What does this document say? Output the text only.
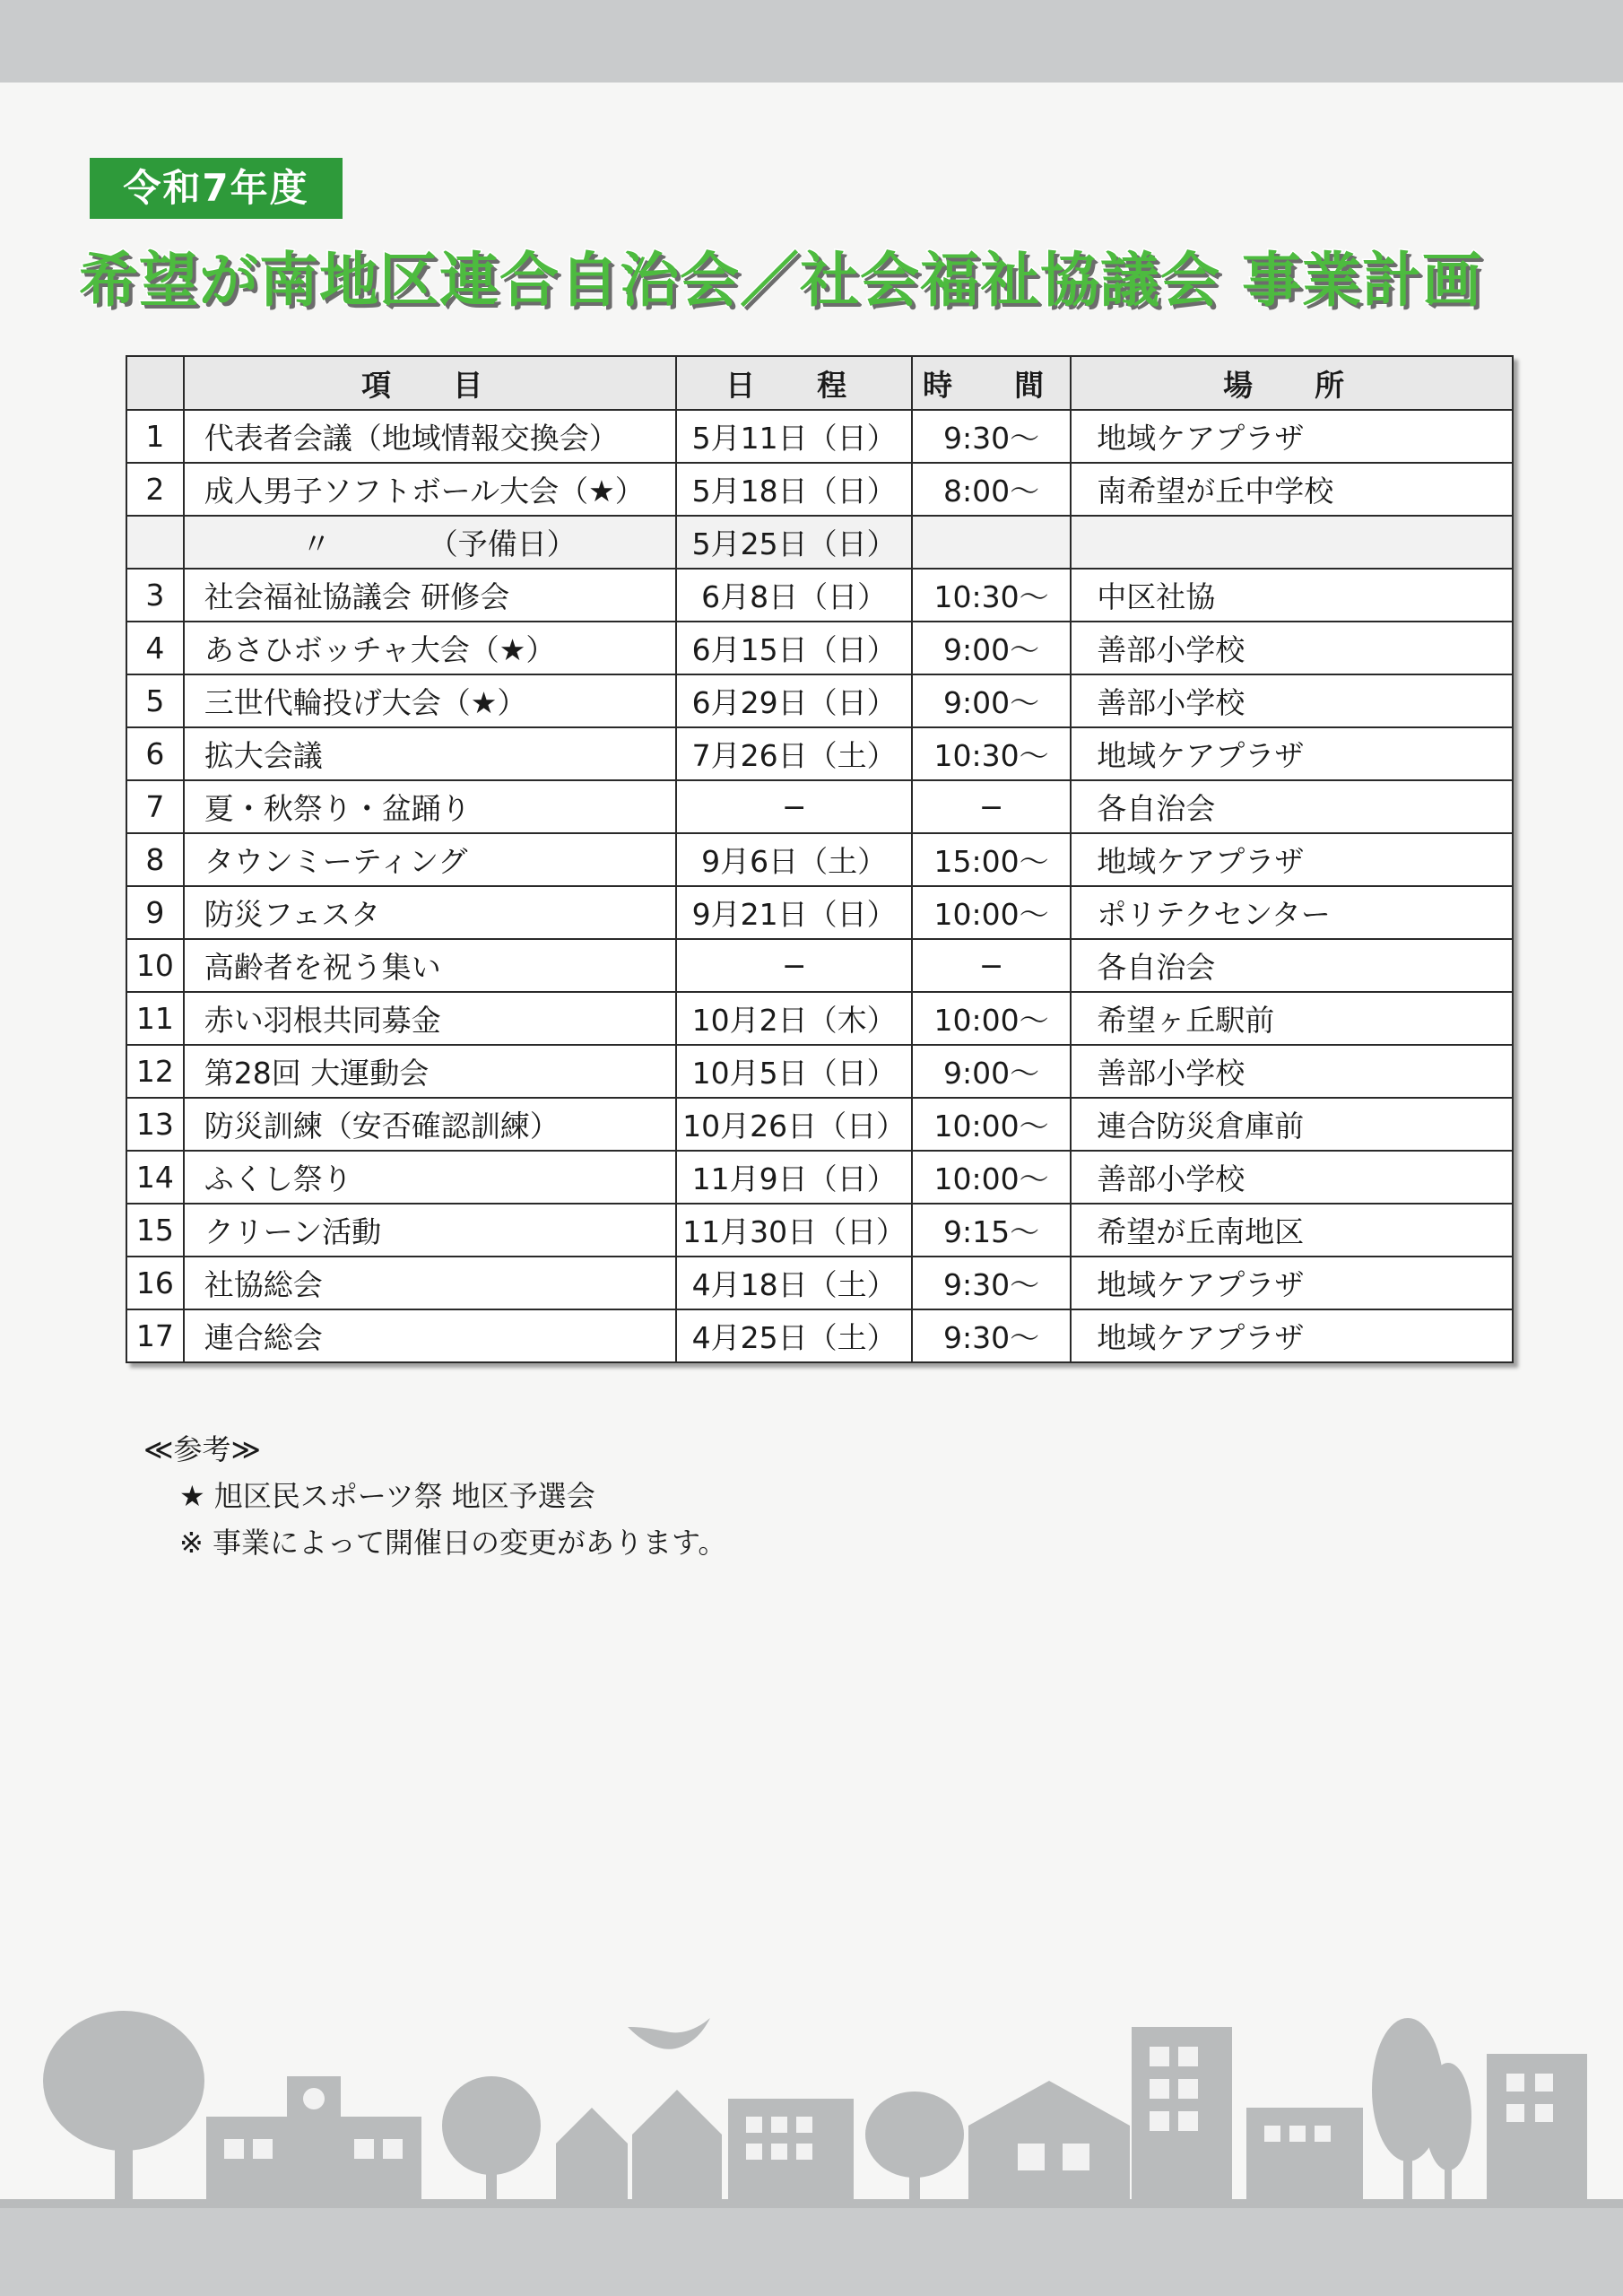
令和7年度
希望が南地区連合自治会／社会福祉協議会 事業計画
	項　目	日　程	時　間	場　所
1	代表者会議（地域情報交換会）	5月11日（日）	9:30〜	地域ケアプラザ
2	成人男子ソフトボール大会（★）	5月18日（日）	8:00〜	南希望が丘中学校
	〃 （予備日）	5月25日（日）		
3	社会福祉協議会 研修会	6月8日（日）	10:30〜	中区社協
4	あさひボッチャ大会（★）	6月15日（日）	9:00〜	善部小学校
5	三世代輪投げ大会（★）	6月29日（日）	9:00〜	善部小学校
6	拡大会議	7月26日（土）	10:30〜	地域ケアプラザ
7	夏・秋祭り・盆踊り	−	−	各自治会
8	タウンミーティング	9月6日（土）	15:00〜	地域ケアプラザ
9	防災フェスタ	9月21日（日）	10:00〜	ポリテクセンター
10	高齢者を祝う集い	−	−	各自治会
11	赤い羽根共同募金	10月2日（木）	10:00〜	希望ヶ丘駅前
12	第28回 大運動会	10月5日（日）	9:00〜	善部小学校
13	防災訓練（安否確認訓練）	10月26日（日）	10:00〜	連合防災倉庫前
14	ふくし祭り	11月9日（日）	10:00〜	善部小学校
15	クリーン活動	11月30日（日）	9:15〜	希望が丘南地区
16	社協総会	4月18日（土）	9:30〜	地域ケアプラザ
17	連合総会	4月25日（土）	9:30〜	地域ケアプラザ
≪参考≫
★ 旭区民スポーツ祭 地区予選会
※ 事業によって開催日の変更があります。
